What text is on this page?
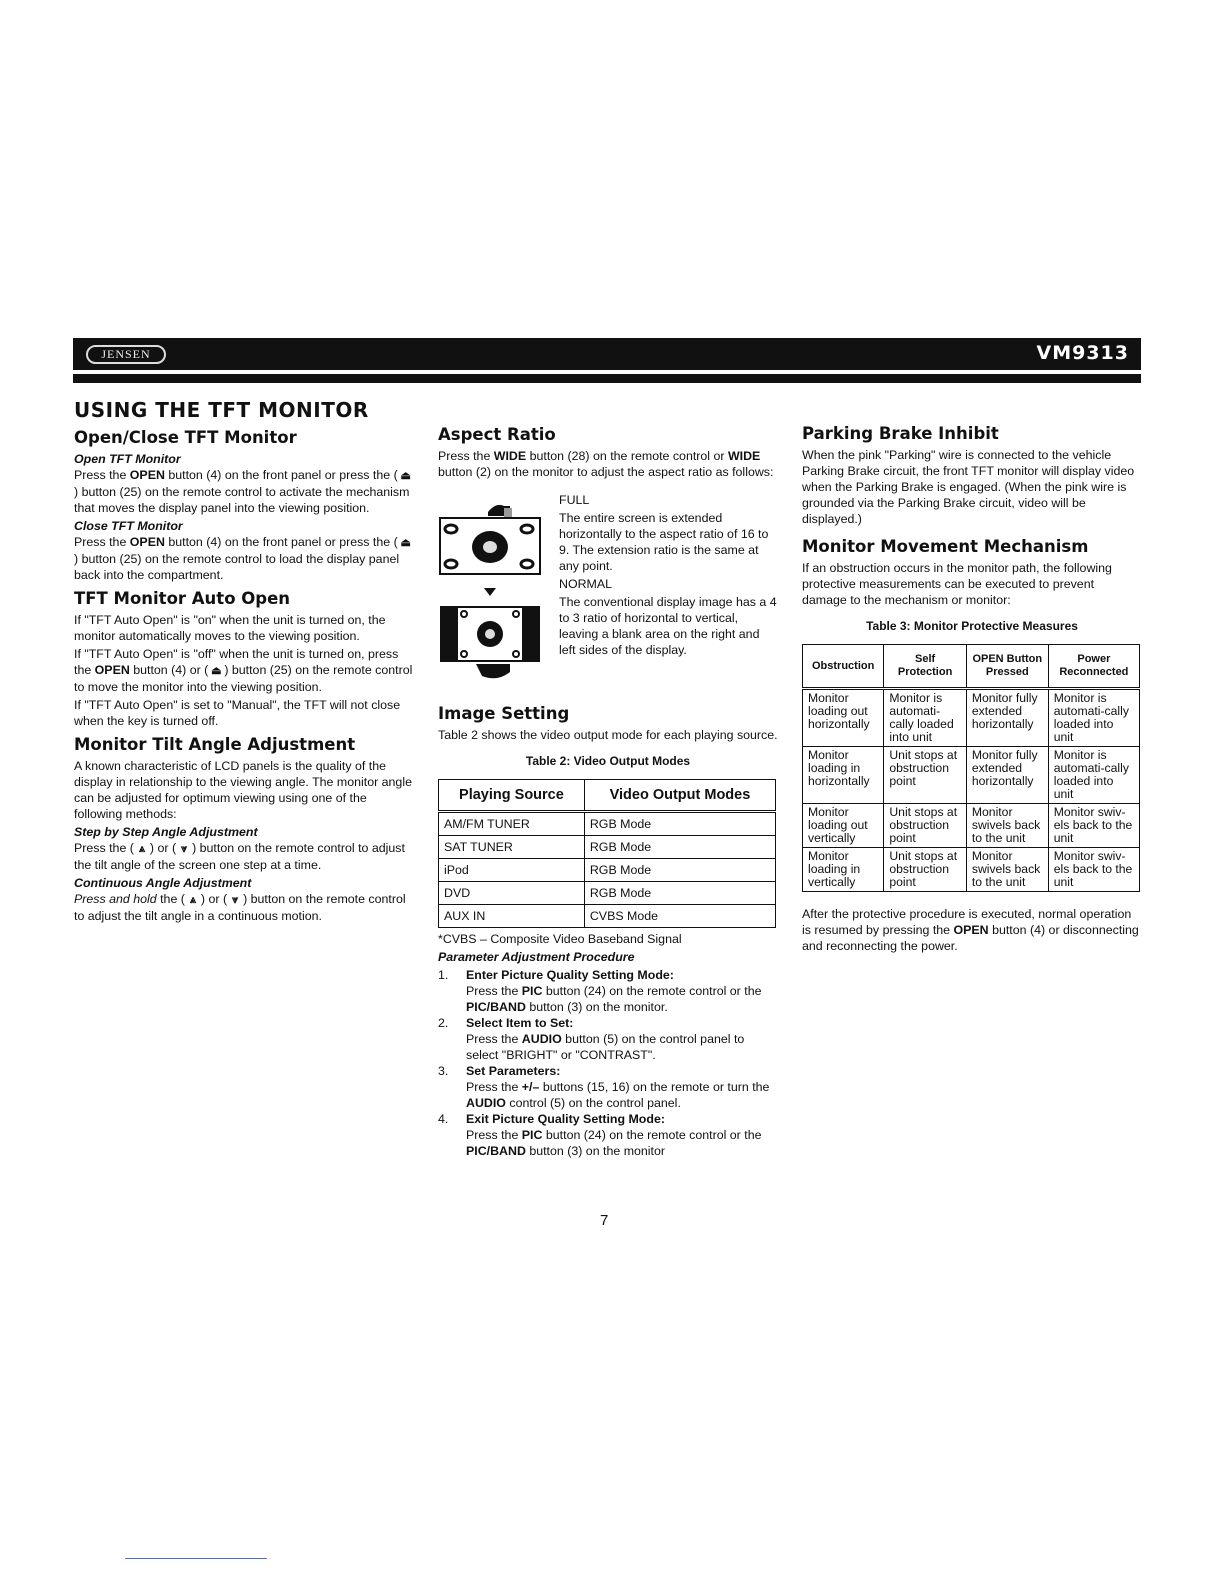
JENSEN	VM9313
USING THE TFT MONITOR
Open/Close TFT Monitor

Open TFT Monitor

Press the OPEN button (4) on the front panel or press the ( ⏏) button (25) on the remote control to activate the mechanism that moves the display panel into the viewing position.

Close TFT Monitor

Press the OPEN button (4) on the front panel or press the ( ⏏) button (25) on the remote control to load the display panel back into the compartment.

TFT Monitor Auto Open

If "TFT Auto Open" is "on" when the unit is turned on, the monitor automatically moves to the viewing position.

If "TFT Auto Open" is "off" when the unit is turned on, press the OPEN button (4) or ( ⏏ ) button (25) on the remote control to move the monitor into the viewing position.

If "TFT Auto Open" is set to "Manual", the TFT will not close when the key is turned off.

Monitor Tilt Angle Adjustment

A known characteristic of LCD panels is the quality of the display in relationship to the viewing angle. The monitor angle can be adjusted for optimum viewing using one of the following methods:

Step by Step Angle Adjustment

Press the ( ⩓ ) or ( ⩔ ) button on the remote control to adjust the tilt angle of the screen one step at a time.

Continuous Angle Adjustment

Press and hold the ( ⩓ ) or ( ⩔ ) button on the remote control to adjust the tilt angle in a continuous motion.

Aspect Ratio

Press the WIDE button (28) on the remote control or WIDE button (2) on the monitor to adjust the aspect ratio as follows:

FULL

The entire screen is extended horizontally to the aspect ratio of 16 to 9. The extension ratio is the same at any point.

NORMAL

The conventional display image has a 4 to 3 ratio of horizontal to vertical, leaving a blank area on the right and left sides of the display.

Image Setting

Table 2 shows the video output mode for each playing source.

Table 2: Video Output Modes
Playing Source	Video Output Modes
AM/FM TUNER	RGB Mode
SAT TUNER	RGB Mode
iPod	RGB Mode
DVD	RGB Mode
AUX IN	CVBS Mode

*CVBS – Composite Video Baseband Signal

Parameter Adjustment Procedure

1. Enter Picture Quality Setting Mode:
Press the PIC button (24) on the remote control or the PIC/BAND button (3) on the monitor.
2. Select Item to Set:
Press the AUDIO button (5) on the control panel to select "BRIGHT" or "CONTRAST".
3. Set Parameters:
Press the +/– buttons (15, 16) on the remote or turn the AUDIO control (5) on the control panel.
4. Exit Picture Quality Setting Mode:
Press the PIC button (24) on the remote control or the PIC/BAND button (3) on the monitor
Parking Brake Inhibit

When the pink "Parking" wire is connected to the vehicle Parking Brake circuit, the front TFT monitor will display video when the Parking Brake is engaged. (When the pink wire is grounded via the Parking Brake circuit, video will be displayed.)

Monitor Movement Mechanism

If an obstruction occurs in the monitor path, the following protective measurements can be executed to prevent damage to the mechanism or monitor:

Table 3: Monitor Protective Measures
Obstruction	Self Protection	OPEN Button Pressed	Power Reconnected
Monitor loading out horizontally	Monitor is automati-cally loaded into unit	Monitor fully extended horizontally	Monitor is automati-cally loaded into unit
Monitor loading in horizontally	Unit stops at obstruction point	Monitor fully extended horizontally	Monitor is automati-cally loaded into unit
Monitor loading out vertically	Unit stops at obstruction point	Monitor swivels back to the unit	Monitor swiv-els back to the unit
Monitor loading in vertically	Unit stops at obstruction point	Monitor swivels back to the unit	Monitor swiv-els back to the unit

After the protective procedure is executed, normal operation is resumed by pressing the OPEN button (4) or disconnecting and reconnecting the power.

7
